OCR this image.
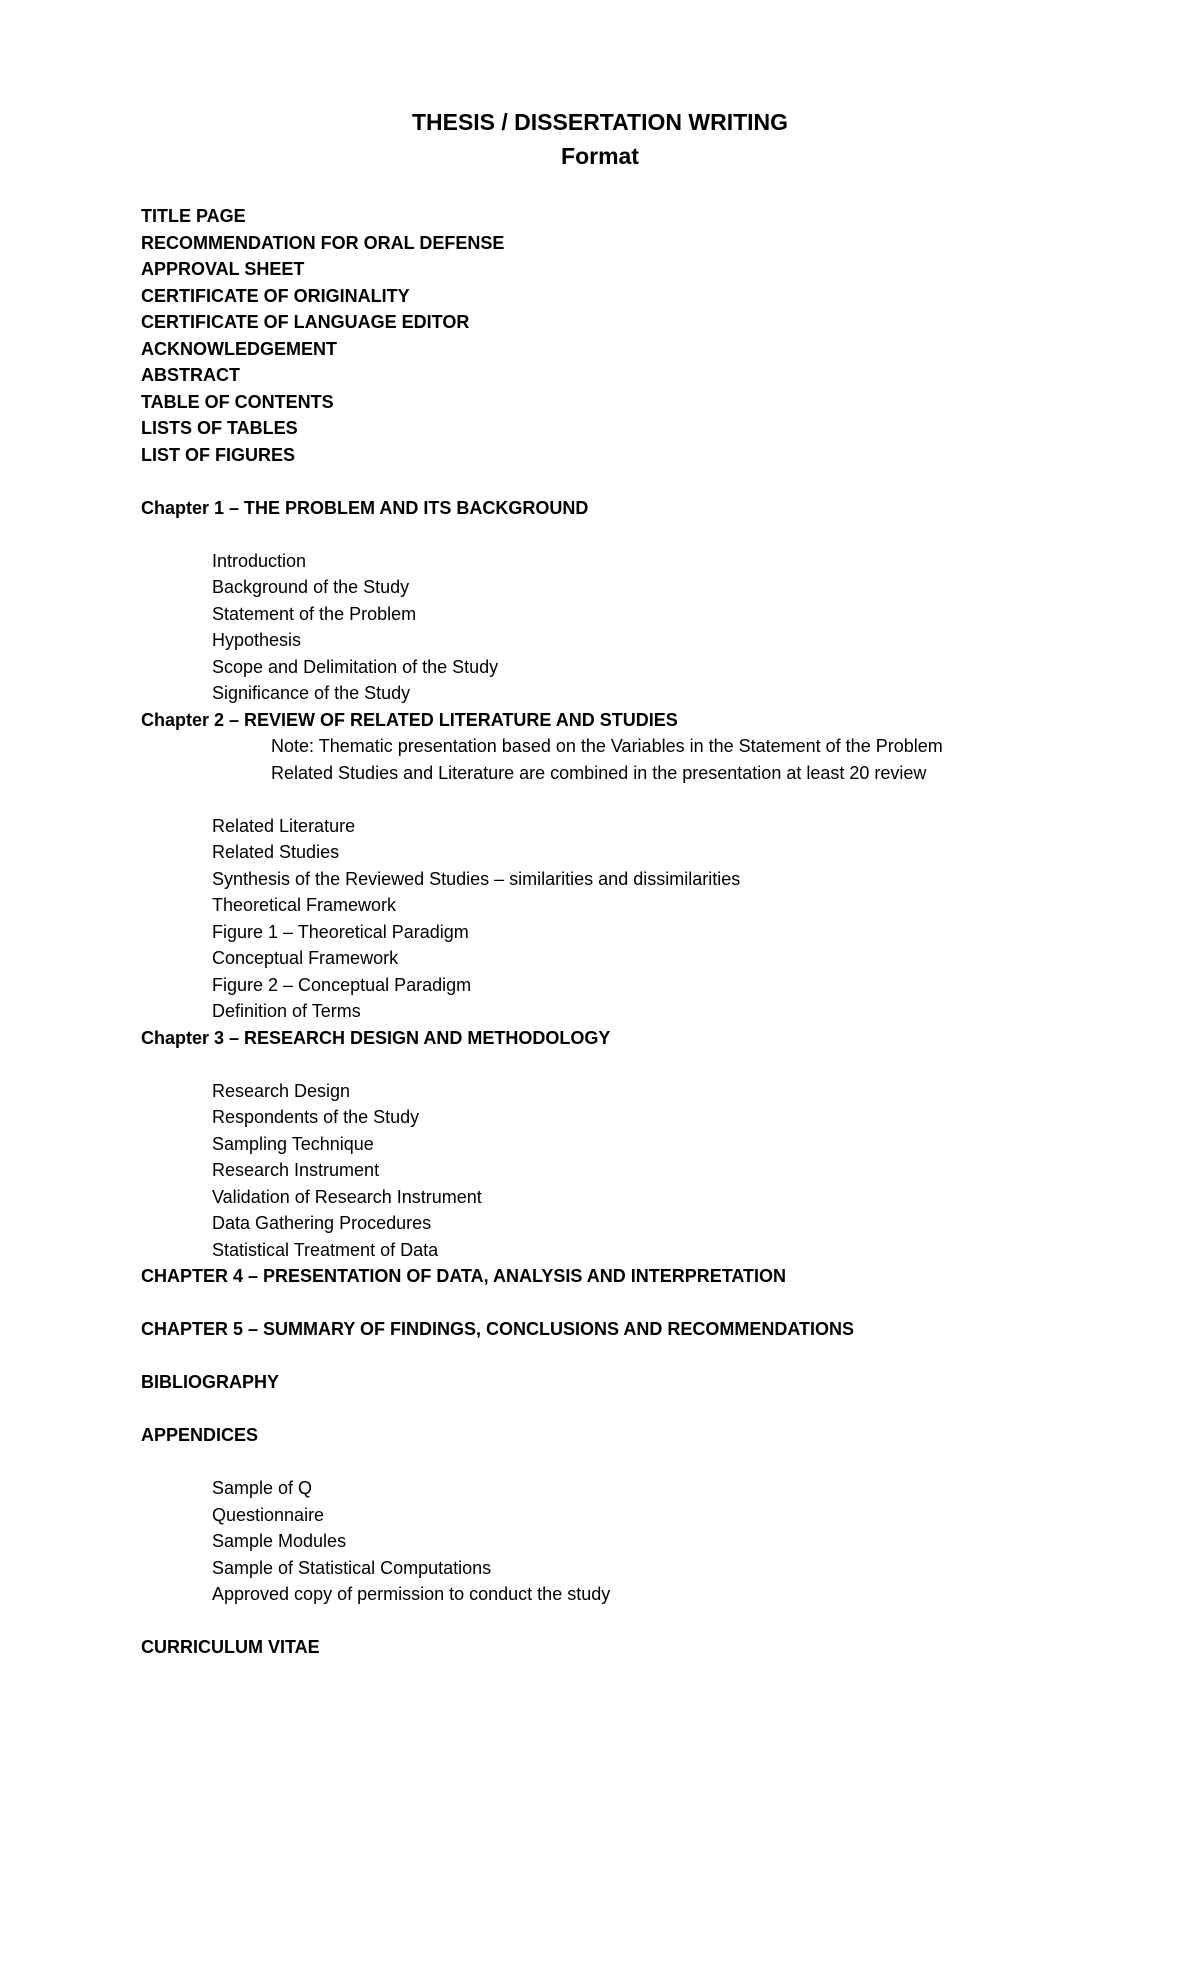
THESIS / DISSERTATION WRITING
Format
TITLE PAGE
RECOMMENDATION FOR ORAL DEFENSE
APPROVAL SHEET
CERTIFICATE OF ORIGINALITY
CERTIFICATE OF LANGUAGE EDITOR
ACKNOWLEDGEMENT
ABSTRACT
TABLE OF CONTENTS
LISTS OF TABLES
LIST OF FIGURES
Chapter 1 – THE PROBLEM AND ITS BACKGROUND
Introduction
Background of the Study
Statement of the Problem
Hypothesis
Scope and Delimitation of the Study
Significance of the Study
Chapter 2 – REVIEW OF RELATED LITERATURE AND STUDIES
Note: Thematic presentation based on the Variables in the Statement of the Problem
Related Studies and Literature are combined in the presentation at least 20 review
Related Literature
Related Studies
Synthesis of the Reviewed Studies – similarities and dissimilarities
Theoretical Framework
Figure 1 – Theoretical Paradigm
Conceptual Framework
Figure 2 – Conceptual Paradigm
Definition of Terms
Chapter 3 – RESEARCH DESIGN AND METHODOLOGY
Research Design
Respondents of the Study
Sampling Technique
Research Instrument
Validation of Research Instrument
Data Gathering Procedures
Statistical Treatment of Data
CHAPTER 4 – PRESENTATION OF DATA, ANALYSIS AND INTERPRETATION
CHAPTER 5 – SUMMARY OF FINDINGS, CONCLUSIONS AND RECOMMENDATIONS
BIBLIOGRAPHY
APPENDICES
Sample of Q
Questionnaire
Sample Modules
Sample of Statistical Computations
Approved copy of permission to conduct the study
CURRICULUM VITAE
